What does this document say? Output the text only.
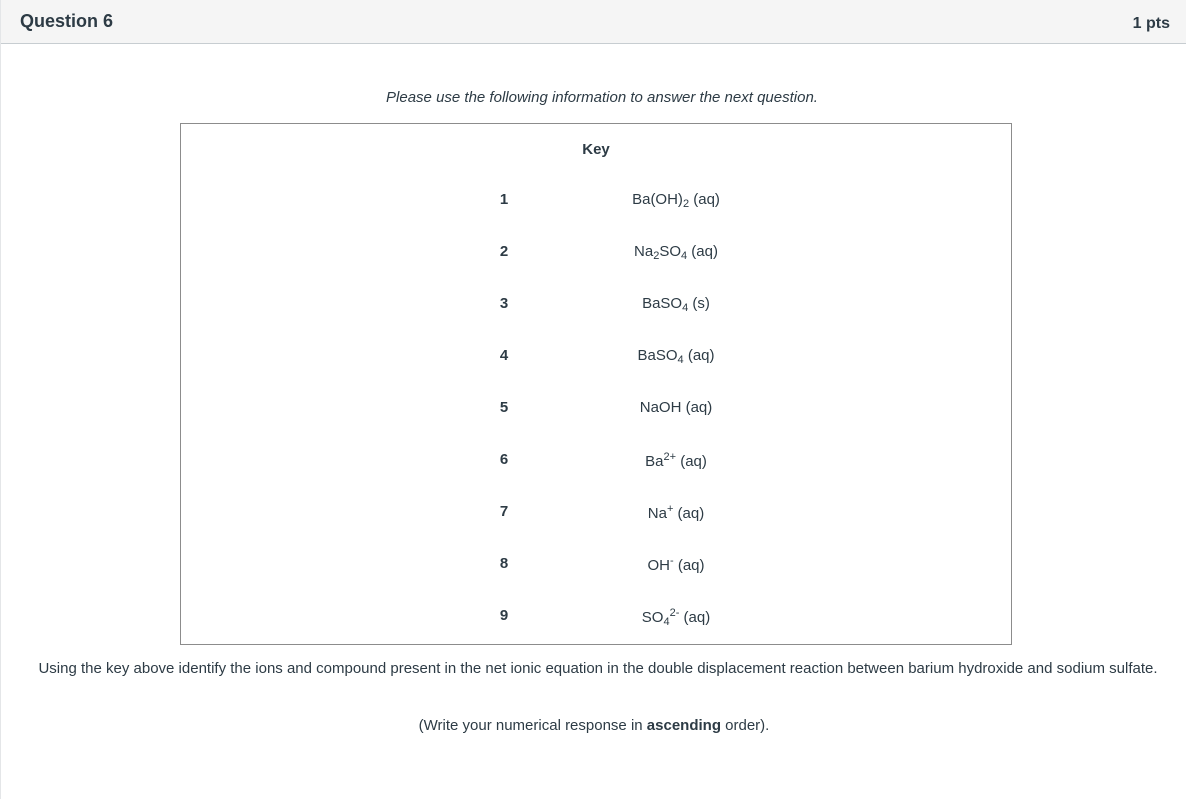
Question 6	1 pts
Please use the following information to answer the next question.
Key
1	$Ba(OH)_2$ (aq)
2	$Na_2SO_4$ (aq)
3	BaSO$_4$ (s)
4	BaSO$_4$ (aq)
5	NaOH (aq)
6	$Ba^{2+}$ (aq)
7	Na+ (aq)
8	OH- (aq)
9	$SO_4^{2-}$ (aq)
Using the key above identify the ions and compound present in the net ionic equation in the double displacement reaction between barium hydroxide and sodium sulfate.
(Write your numerical response in ascending order).
